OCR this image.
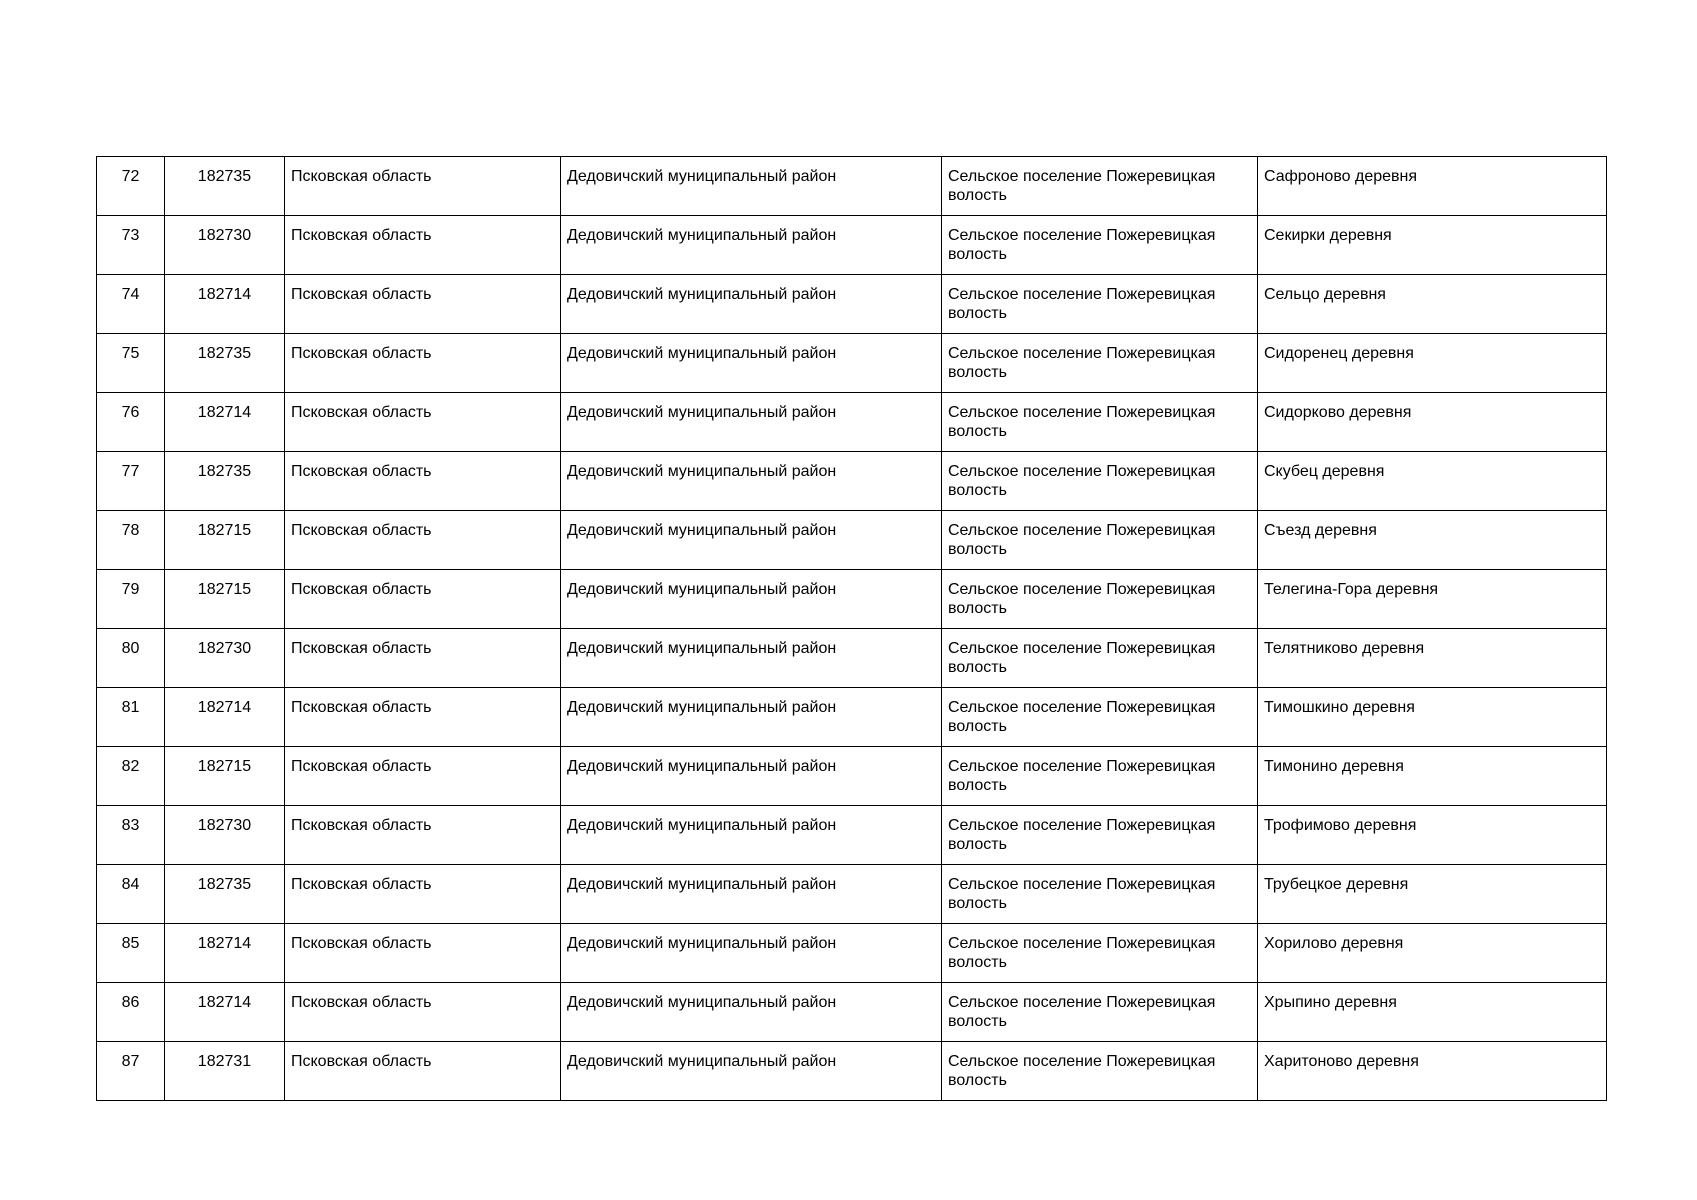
72	182735	Псковская область	Дедовичский муниципальный район	Сельское поселение Пожеревицкая волость	Сафроново деревня
73	182730	Псковская область	Дедовичский муниципальный район	Сельское поселение Пожеревицкая волость	Секирки деревня
74	182714	Псковская область	Дедовичский муниципальный район	Сельское поселение Пожеревицкая волость	Сельцо деревня
75	182735	Псковская область	Дедовичский муниципальный район	Сельское поселение Пожеревицкая волость	Сидоренец деревня
76	182714	Псковская область	Дедовичский муниципальный район	Сельское поселение Пожеревицкая волость	Сидорково деревня
77	182735	Псковская область	Дедовичский муниципальный район	Сельское поселение Пожеревицкая волость	Скубец деревня
78	182715	Псковская область	Дедовичский муниципальный район	Сельское поселение Пожеревицкая волость	Съезд деревня
79	182715	Псковская область	Дедовичский муниципальный район	Сельское поселение Пожеревицкая волость	Телегина-Гора деревня
80	182730	Псковская область	Дедовичский муниципальный район	Сельское поселение Пожеревицкая волость	Телятниково деревня
81	182714	Псковская область	Дедовичский муниципальный район	Сельское поселение Пожеревицкая волость	Тимошкино деревня
82	182715	Псковская область	Дедовичский муниципальный район	Сельское поселение Пожеревицкая волость	Тимонино деревня
83	182730	Псковская область	Дедовичский муниципальный район	Сельское поселение Пожеревицкая волость	Трофимово деревня
84	182735	Псковская область	Дедовичский муниципальный район	Сельское поселение Пожеревицкая волость	Трубецкое деревня
85	182714	Псковская область	Дедовичский муниципальный район	Сельское поселение Пожеревицкая волость	Хорилово деревня
86	182714	Псковская область	Дедовичский муниципальный район	Сельское поселение Пожеревицкая волость	Хрыпино деревня
87	182731	Псковская область	Дедовичский муниципальный район	Сельское поселение Пожеревицкая волость	Харитоново деревня
